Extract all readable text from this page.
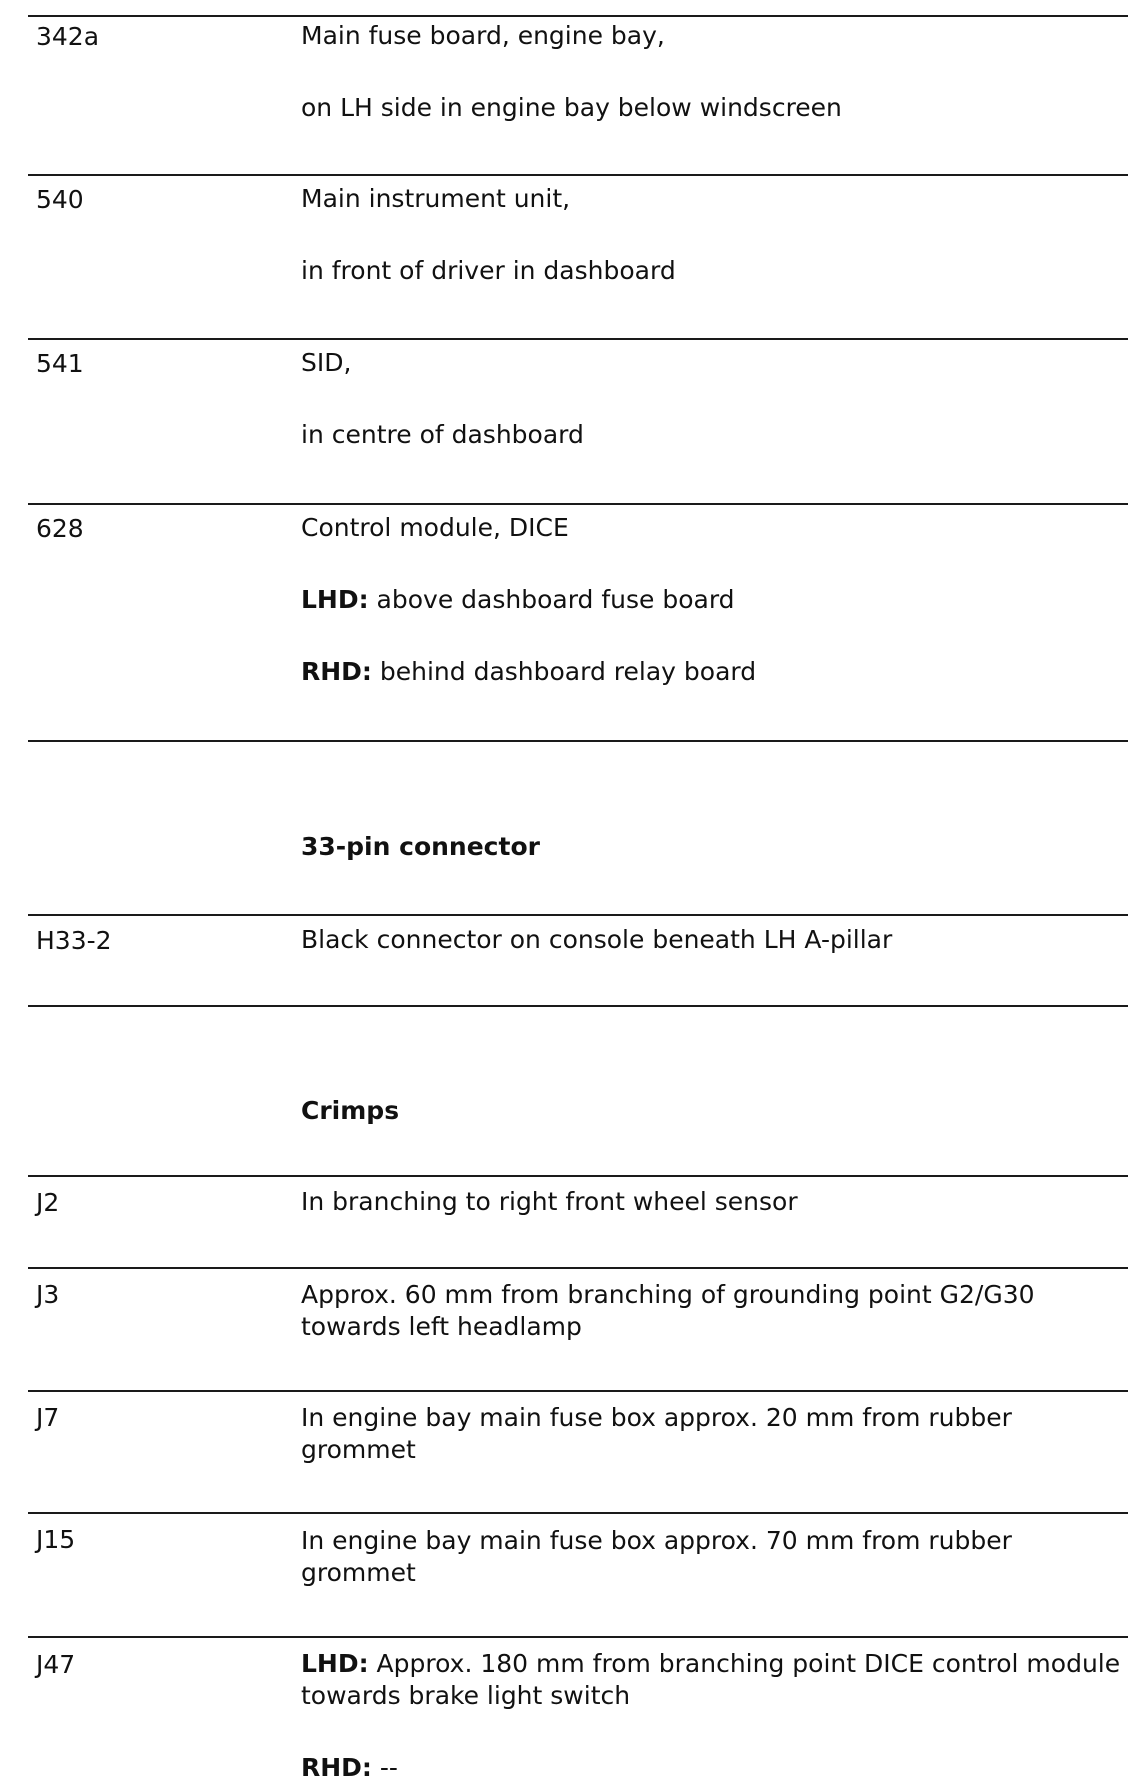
342a	Main fuse board, engine bay,
on LH side in engine bay below windscreen
540	Main instrument unit,
in front of driver in dashboard
541	SID,
in centre of dashboard
628	Control module, DICE
LHD: above dashboard fuse board
RHD: behind dashboard relay board
33-pin connector
H33-2	Black connector on console beneath LH A-pillar
Crimps
J2	In branching to right front wheel sensor
J3	Approx. 60 mm from branching of grounding point G2/G30 towards left headlamp
J7	In engine bay main fuse box approx. 20 mm from rubber grommet
J15	In engine bay main fuse box approx. 70 mm from rubber grommet
J47	LHD: Approx. 180 mm from branching point DICE control module towards brake light switch
RHD: --
